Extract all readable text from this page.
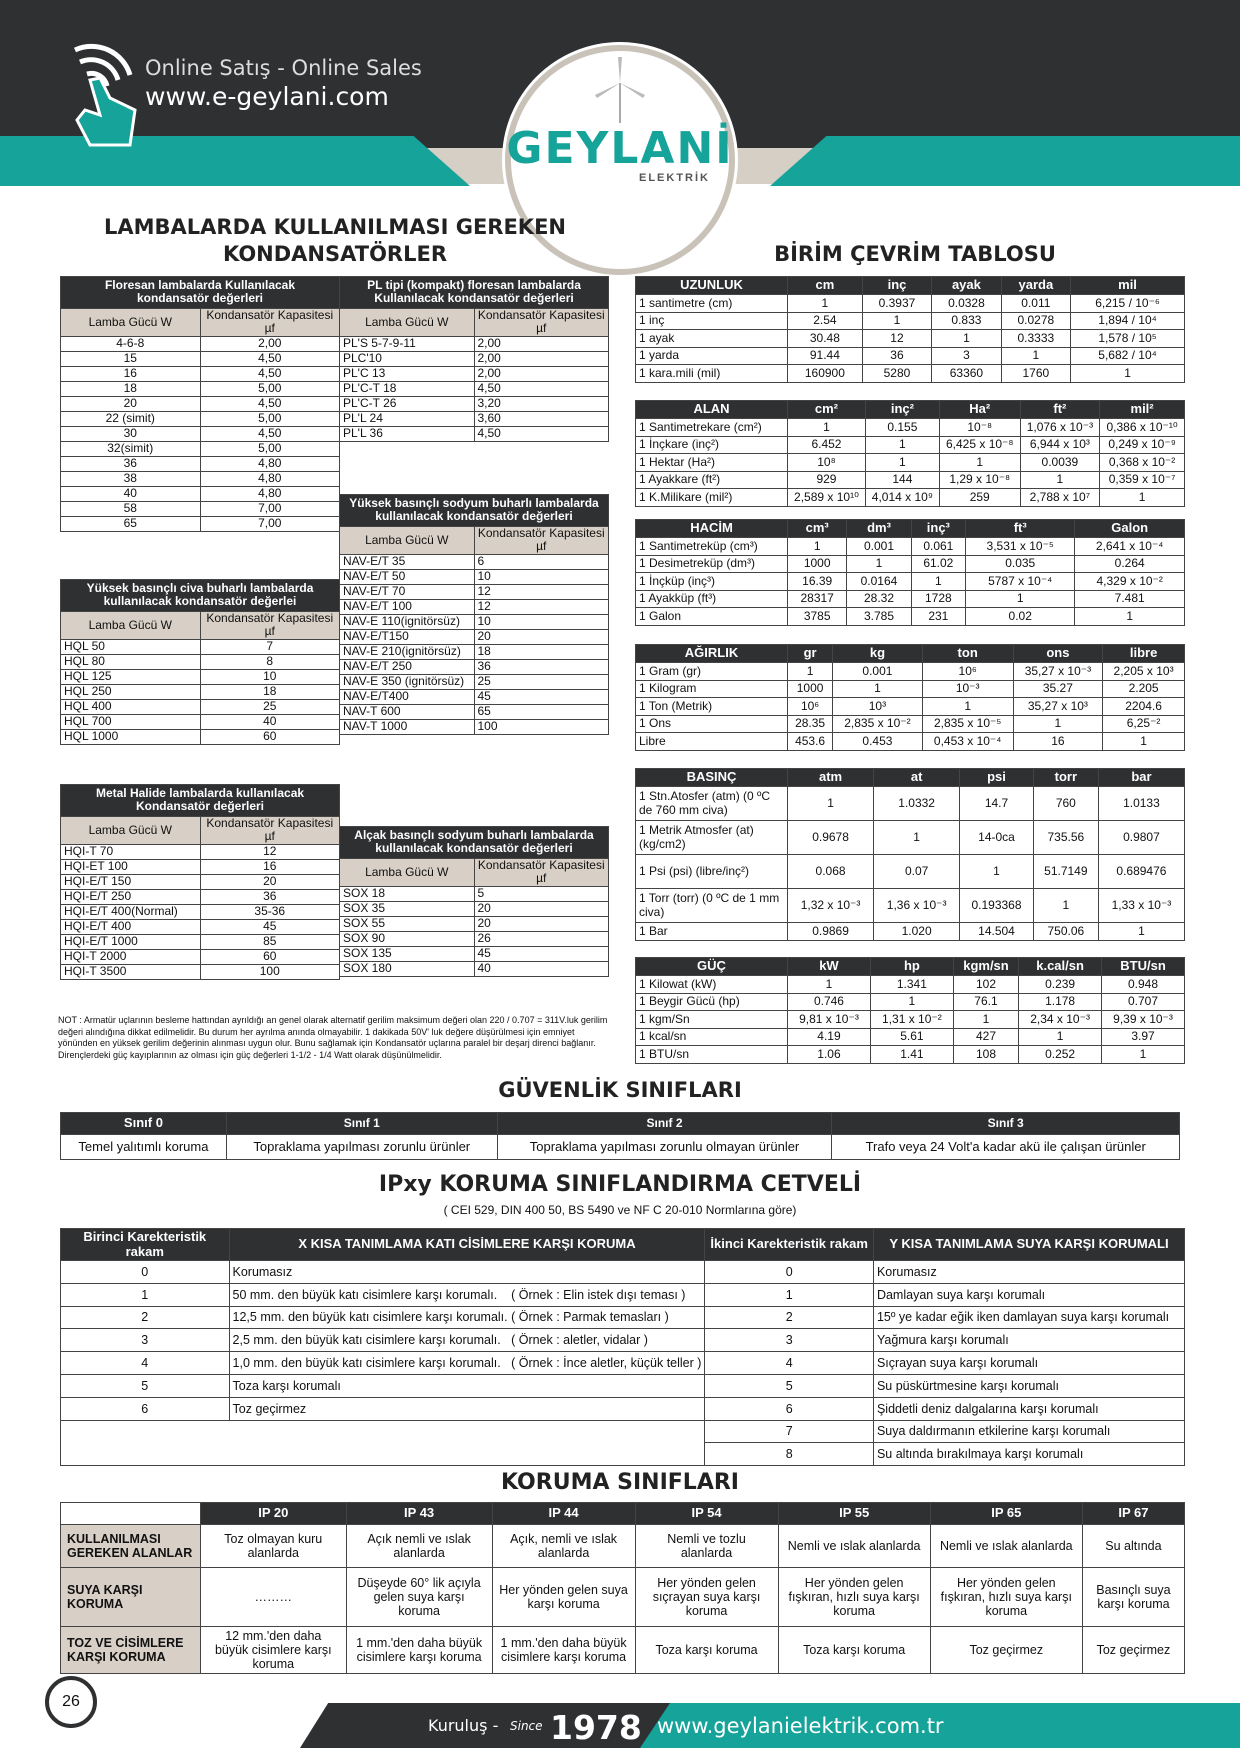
Online Satış - Online Sales
www.e-geylani.com
GEYLANİ
ELEKTRİK
LAMBALARDA KULLANILMASI GEREKEN KONDANSATÖRLER	BİRİM ÇEVRİM TABLOSU
Floresan lambalarda Kullanılacak kondansatör değerleri	
Lamba Gücü W	Kondansatör Kapasitesi µf
4-6-8	2,00
15	4,50
16	4,50
18	5,00
20	4,50
22 (simit)	5,00
30	4,50
32(simit)	5,00
36	4,80
38	4,80
40	4,80
58	7,00
65	7,00
Yüksek basınçlı civa buharlı lambalarda kullanılacak kondansatör değerlei	
Lamba Gücü W	Kondansatör Kapasitesi µf
HQL 50	7
HQL 80	8
HQL 125	10
HQL 250	18
HQL 400	25
HQL 700	40
HQL 1000	60
Metal Halide lambalarda kullanılacak Kondansatör değerleri	
Lamba Gücü W	Kondansatör Kapasitesi µf
HQI-T 70	12
HQI-ET 100	16
HQI-E/T 150	20
HQI-E/T 250	36
HQI-E/T 400(Normal)	35-36
HQI-E/T 400	45
HQI-E/T 1000	85
HQI-T 2000	60
HQI-T 3500	100
PL tipi (kompakt) floresan lambalarda Kullanılacak kondansatör değerleri	
Lamba Gücü W	Kondansatör Kapasitesi µf
PL'S 5-7-9-11	2,00
PLC'10	2,00
PL'C 13	2,00
PL'C-T 18	4,50
PL'C-T 26	3,20
PL'L 24	3,60
PL'L 36	4,50
Yüksek basınçlı sodyum buharlı lambalarda kullanılacak kondansatör değerleri	
Lamba Gücü W	Kondansatör Kapasitesi µf
NAV-E/T 35	6
NAV-E/T 50	10
NAV-E/T 70	12
NAV-E/T 100	12
NAV-E 110(ignitörsüz)	10
NAV-E/T150	20
NAV-E 210(ignitörsüz)	18
NAV-E/T 250	36
NAV-E 350 (ignitörsüz)	25
NAV-E/T400	45
NAV-T 600	65
NAV-T 1000	100
Alçak basınçlı sodyum buharlı lambalarda kullanılacak kondansatör değerleri	
Lamba Gücü W	Kondansatör Kapasitesi µf
SOX 18	5
SOX 35	20
SOX 55	20
SOX 90	26
SOX 135	45
SOX 180	40
NOT : Armatür uçlarının besleme hattından ayrıldığı an genel olarak alternatif gerilim maksimum değeri olan 220 / 0.707 = 311V.luk gerilim değeri alındığına dikkat edilmelidir. Bu durum her ayrılma anında olmayabilir. 1 dakikada 50V' luk değere düşürülmesi için emniyet yönünden en yüksek gerilim değerinin alınması uygun olur. Bunu sağlamak için Kondansatör uçlarına paralel bir deşarj direnci bağlanır. Dirençlerdeki güç kayıplarının az olması için güç değerleri 1-1/2 - 1/4 Watt olarak düşünülmelidir.
UZUNLUK	cm	inç	ayak	yarda	mil
1 santimetre (cm)	1	0.3937	0.0328	0.011	6,215 / 10⁻⁶
1 inç	2.54	1	0.833	0.0278	1,894 / 10⁴
1 ayak	30.48	12	1	0.3333	1,578 / 10⁵
1 yarda	91.44	36	3	1	5,682 / 10⁴
1 kara.mili (mil)	160900	5280	63360	1760	1
ALAN	cm²	inç²	Ha²	ft²	mil²
1 Santimetrekare (cm²)	1	0.155	10⁻⁸	1,076 x 10⁻³	0,386 x 10⁻¹⁰
1 İnçkare (inç²)	6.452	1	6,425 x 10⁻⁸	6,944 x 10³	0,249 x 10⁻⁹
1 Hektar (Ha²)	10⁸	1	1	0.0039	0,368 x 10⁻²
1 Ayakkare (ft²)	929	144	1,29 x 10⁻⁸	1	0,359 x 10⁻⁷
1 K.Milikare (mil²)	2,589 x 10¹⁰	4,014 x 10⁹	259	2,788 x 10⁷	1
HACİM	cm³	dm³	inç³	ft³	Galon
1 Santimetreküp (cm³)	1	0.001	0.061	3,531 x 10⁻⁵	2,641 x 10⁻⁴
1 Desimetreküp (dm³)	1000	1	61.02	0.035	0.264
1 İnçküp (inç³)	16.39	0.0164	1	5787 x 10⁻⁴	4,329 x 10⁻²
1 Ayakküp (ft³)	28317	28.32	1728	1	7.481
1 Galon	3785	3.785	231	0.02	1
AĞIRLIK	gr	kg	ton	ons	libre
1 Gram (gr)	1	0.001	10⁶	35,27 x 10⁻³	2,205 x 10³
1 Kilogram	1000	1	10⁻³	35.27	2.205
1 Ton (Metrik)	10⁶	10³	1	35,27 x 10³	2204.6
1 Ons	28.35	2,835 x 10⁻²	2,835 x 10⁻⁵	1	6,25⁻²
Libre	453.6	0.453	0,453 x 10⁻⁴	16	1
BASINÇ	atm	at	psi	torr	bar
1 Stn.Atosfer (atm) (0 ºC de 760 mm civa)	1	1.0332	14.7	760	1.0133
1 Metrik Atmosfer (at) (kg/cm2)	0.9678	1	14-0ca	735.56	0.9807
1 Psi (psi) (libre/inç²)	0.068	0.07	1	51.7149	0.689476
1 Torr (torr) (0 ºC de 1 mm civa)	1,32 x 10⁻³	1,36 x 10⁻³	0.193368	1	1,33 x 10⁻³
1 Bar	0.9869	1.020	14.504	750.06	1
GÜÇ	kW	hp	kgm/sn	k.cal/sn	BTU/sn
1 Kilowat (kW)	1	1.341	102	0.239	0.948
1 Beygir Gücü (hp)	0.746	1	76.1	1.178	0.707
1 kgm/Sn	9,81 x 10⁻³	1,31 x 10⁻²	1	2,34 x 10⁻³	9,39 x 10⁻³
1 kcal/sn	4.19	5.61	427	1	3.97
1 BTU/sn	1.06	1.41	108	0.252	1
GÜVENLİK SINIFLARI
Sınıf 0	Sınıf 1	Sınıf 2	Sınıf 3
Temel yalıtımlı koruma	Topraklama yapılması zorunlu ürünler	Topraklama yapılması zorunlu olmayan ürünler	Trafo veya 24 Volt'a kadar akü ile çalışan ürünler
IPxy KORUMA SINIFLANDIRMA CETVELİ
( CEI 529, DIN 400 50, BS 5490 ve NF C 20-010 Normlarına göre)
Birinci Karekteristik rakam	X KISA TANIMLAMA KATI CİSİMLERE KARŞI KORUMA	İkinci Karekteristik rakam	Y KISA TANIMLAMA SUYA KARŞI KORUMALI
0	Korumasız	0	Korumasız
1	50 mm. den büyük katı cisimlere karşı korumalı.    ( Örnek : Elin istek dışı teması )	1	Damlayan suya karşı korumalı
2	12,5 mm. den büyük katı cisimlere karşı korumalı. ( Örnek : Parmak temasları )	2	15º ye kadar eğik iken damlayan suya karşı korumalı
3	2,5 mm. den büyük katı cisimlere karşı korumalı.   ( Örnek : aletler, vidalar )	3	Yağmura karşı korumalı
4	1,0 mm. den büyük katı cisimlere karşı korumalı.   ( Örnek : İnce aletler, küçük teller )	4	Sıçrayan suya karşı korumalı
5	Toza karşı korumalı	5	Su püskürtmesine karşı korumalı
6	Toz geçirmez	6	Şiddetli deniz dalgalarına karşı korumalı
		7	Suya daldırmanın etkilerine karşı korumalı
		8	Su altında bırakılmaya karşı korumalı
KORUMA SINIFLARI
	IP 20	IP 43	IP 44	IP 54	IP 55	IP 65	IP 67
KULLANILMASI GEREKEN ALANLAR	Toz olmayan kuru alanlarda	Açık nemli ve ıslak alanlarda	Açık, nemli ve ıslak alanlarda	Nemli ve tozlu alanlarda	Nemli ve ıslak alanlarda	Nemli ve ıslak alanlarda	Su altında
SUYA KARŞI KORUMA	………	Düşeyde 60° lik açıyla gelen suya karşı koruma	Her yönden gelen suya karşı koruma	Her yönden gelen sıçrayan suya karşı koruma	Her yönden gelen fışkıran, hızlı suya karşı koruma	Her yönden gelen fışkıran, hızlı suya karşı koruma	Basınçlı suya karşı koruma
TOZ VE CİSİMLERE KARŞI KORUMA	12 mm.'den daha büyük cisimlere karşı koruma	1 mm.'den daha büyük cisimlere karşı koruma	1 mm.'den daha büyük cisimlere karşı koruma	Toza karşı koruma	Toza karşı koruma	Toz geçirmez	Toz geçirmez
26
Kuruluş - Since 1978 www.geylanielektrik.com.tr
